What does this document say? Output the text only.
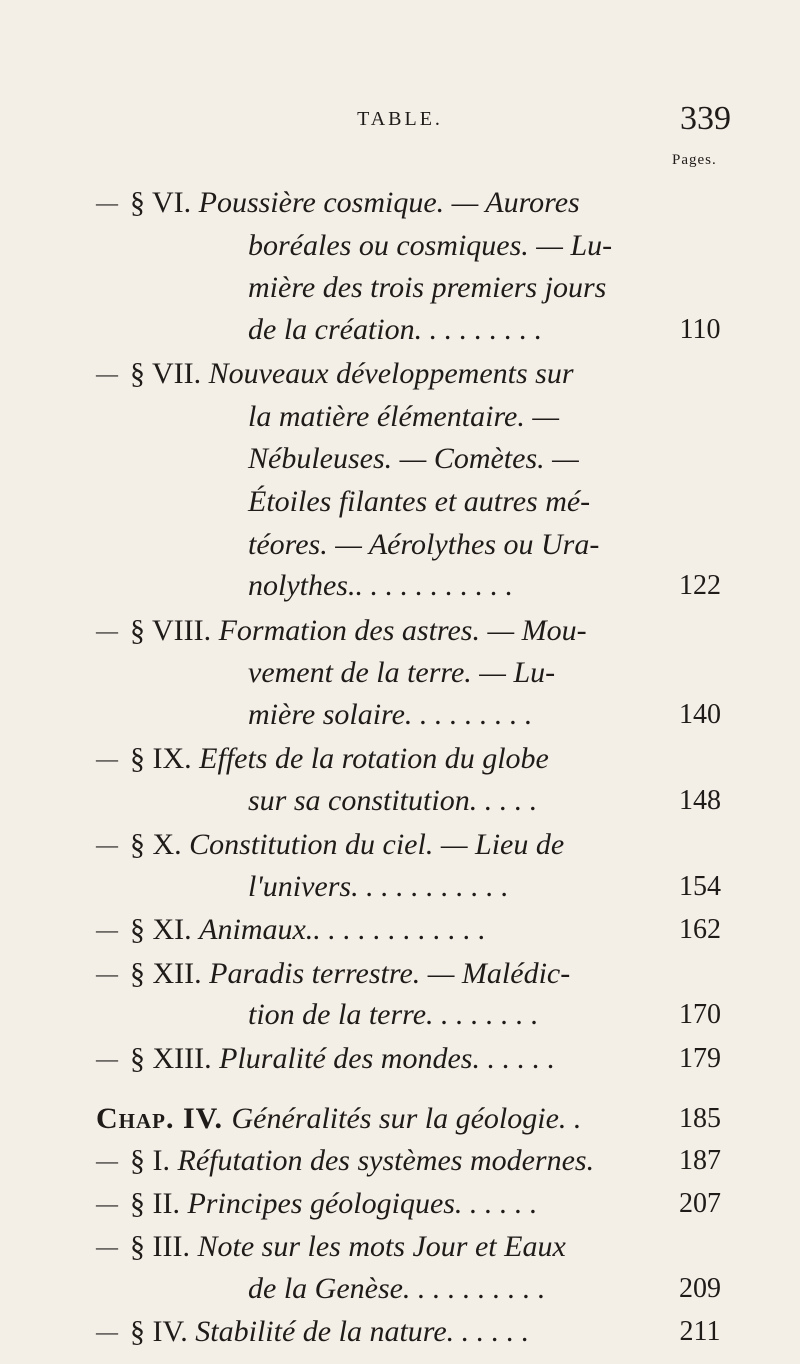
TABLE.	339
Pages.
— § VI. Poussière cosmique. — Aurores
boréales ou cosmiques. — Lu-
mière des trois premiers jours
de la création. . . . . . . . .	110
— § VII. Nouveaux développements sur
la matière élémentaire. —
Nébuleuses. — Comètes. —
Étoiles filantes et autres mé-
téores. — Aérolythes ou Ura-
nolythes.. . . . . . . . . . .	122
— § VIII. Formation des astres. — Mou-
vement de la terre. — Lu-
mière solaire. . . . . . . . .	140
— § IX. Effets de la rotation du globe
sur sa constitution. . . . .	148
— § X. Constitution du ciel. — Lieu de
l'univers. . . . . . . . . . .	154
— § XI. Animaux.. . . . . . . . . . . .	162
— § XII. Paradis terrestre. — Malédic-
tion de la terre. . . . . . . .	170
— § XIII. Pluralité des mondes. . . . . .	179
Chap. IV. Généralités sur la géologie. .	185
— § I. Réfutation des systèmes modernes.	187
— § II. Principes géologiques. . . . . .	207
— § III. Note sur les mots Jour et Eaux
de la Genèse. . . . . . . . . .	209
— § IV. Stabilité de la nature. . . . . .	211
